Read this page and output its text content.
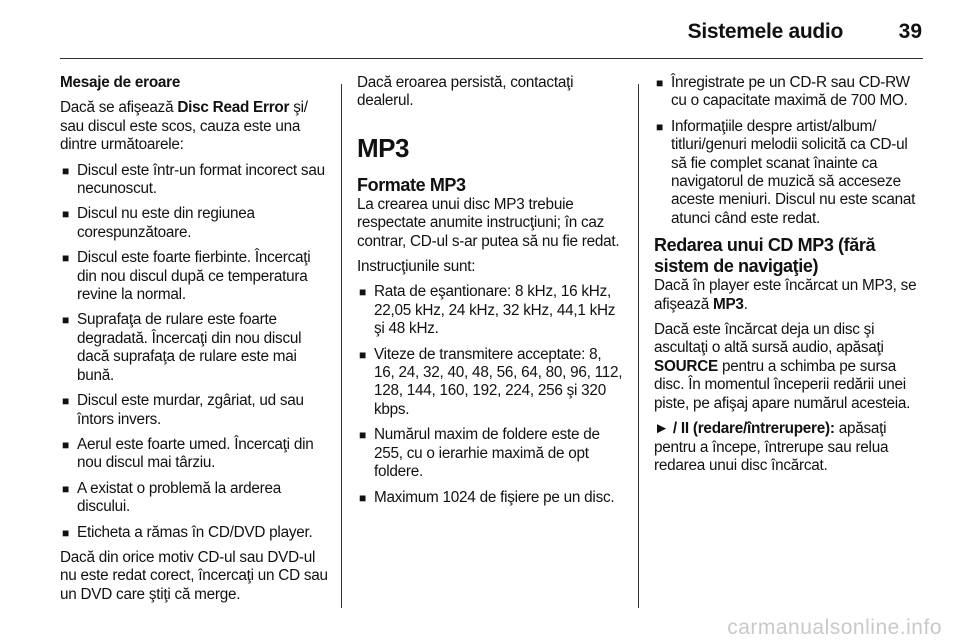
Sistemele audio	39

Mesaje de eroare

Dacă se afişează Disc Read Error şi/ sau discul este scos, cauza este una dintre următoarele:

■ Discul este într-un format incorect sau necunoscut.
■ Discul nu este din regiunea corespunzătoare.
■ Discul este foarte fierbinte. Încercaţi din nou discul după ce temperatura revine la normal.
■ Suprafaţa de rulare este foarte degradată. Încercaţi din nou discul dacă suprafaţa de rulare este mai bună.
■ Discul este murdar, zgâriat, ud sau întors invers.
■ Aerul este foarte umed. Încercaţi din nou discul mai târziu.
■ A existat o problemă la arderea discului.
■ Eticheta a rămas în CD/DVD player.

Dacă din orice motiv CD-ul sau DVD-ul nu este redat corect, încercaţi un CD sau un DVD care ştiţi că merge.

Dacă eroarea persistă, contactaţi dealerul.

MP3
Formate MP3

La crearea unui disc MP3 trebuie respectate anumite instrucţiuni; în caz contrar, CD-ul s-ar putea să nu fie redat.

Instrucţiunile sunt:

■ Rata de eşantionare: 8 kHz, 16 kHz, 22,05 kHz, 24 kHz, 32 kHz, 44,1 kHz şi 48 kHz.
■ Viteze de transmitere acceptate: 8, 16, 24, 32, 40, 48, 56, 64, 80, 96, 112, 128, 144, 160, 192, 224, 256 şi 320 kbps.
■ Numărul maxim de foldere este de 255, cu o ierarhie maximă de opt foldere.
■ Maximum 1024 de fişiere pe un disc.
■ Înregistrate pe un CD-R sau CD-RW cu o capacitate maximă de 700 MO.
■ Informaţiile despre artist/album/ titluri/genuri melodii solicită ca CD-ul să fie complet scanat înainte ca navigatorul de muzică să acceseze aceste meniuri. Discul nu este scanat atunci când este redat.
Redarea unui CD MP3 (fără
sistem de navigaţie)

Dacă în player este încărcat un MP3, se afişează MP3.

Dacă este încărcat deja un disc şi ascultaţi o altă sursă audio, apăsaţi SOURCE pentru a schimba pe sursa disc. În momentul începerii redării unei piste, pe afişaj apare numărul acesteia.

► / II (redare/întrerupere): apăsaţi pentru a începe, întrerupe sau relua redarea unui disc încărcat.

carmanualsonline.info
